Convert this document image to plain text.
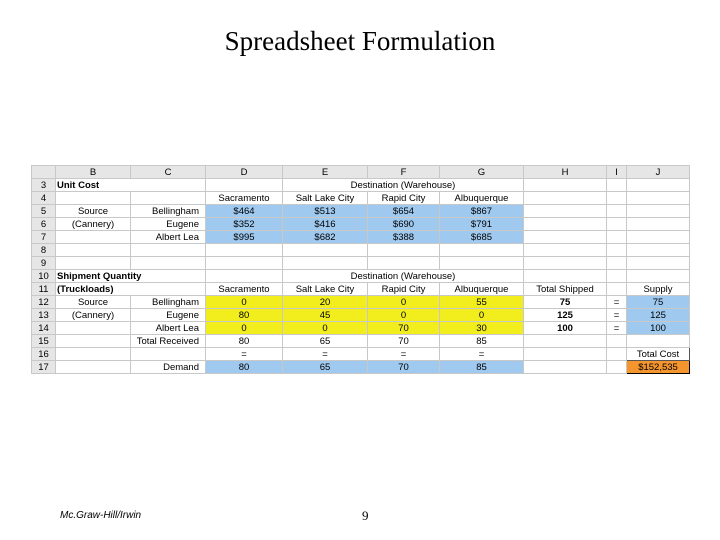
Spreadsheet Formulation
	B	C	D	E	F	G	H	I	J
3	Unit Cost			Destination (Warehouse)					
4			Sacramento	Salt Lake City	Rapid City	Albuquerque			
5	Source	Bellingham	$464	$513	$654	$867			
6	(Cannery)	Eugene	$352	$416	$690	$791			
7		Albert Lea	$995	$682	$388	$685			
8									
9									
10	Shipment Quantity			Destination (Warehouse)					
11	(Truckloads)		Sacramento	Salt Lake City	Rapid City	Albuquerque	Total Shipped		Supply
12	Source	Bellingham	0	20	0	55	75	=	75
13	(Cannery)	Eugene	80	45	0	0	125	=	125
14		Albert Lea	0	0	70	30	100	=	100
15		Total Received	80	65	70	85			
16			=	=	=	=			Total Cost
17		Demand	80	65	70	85			$152,535
Mc.Graw-Hill/Irwin	9
